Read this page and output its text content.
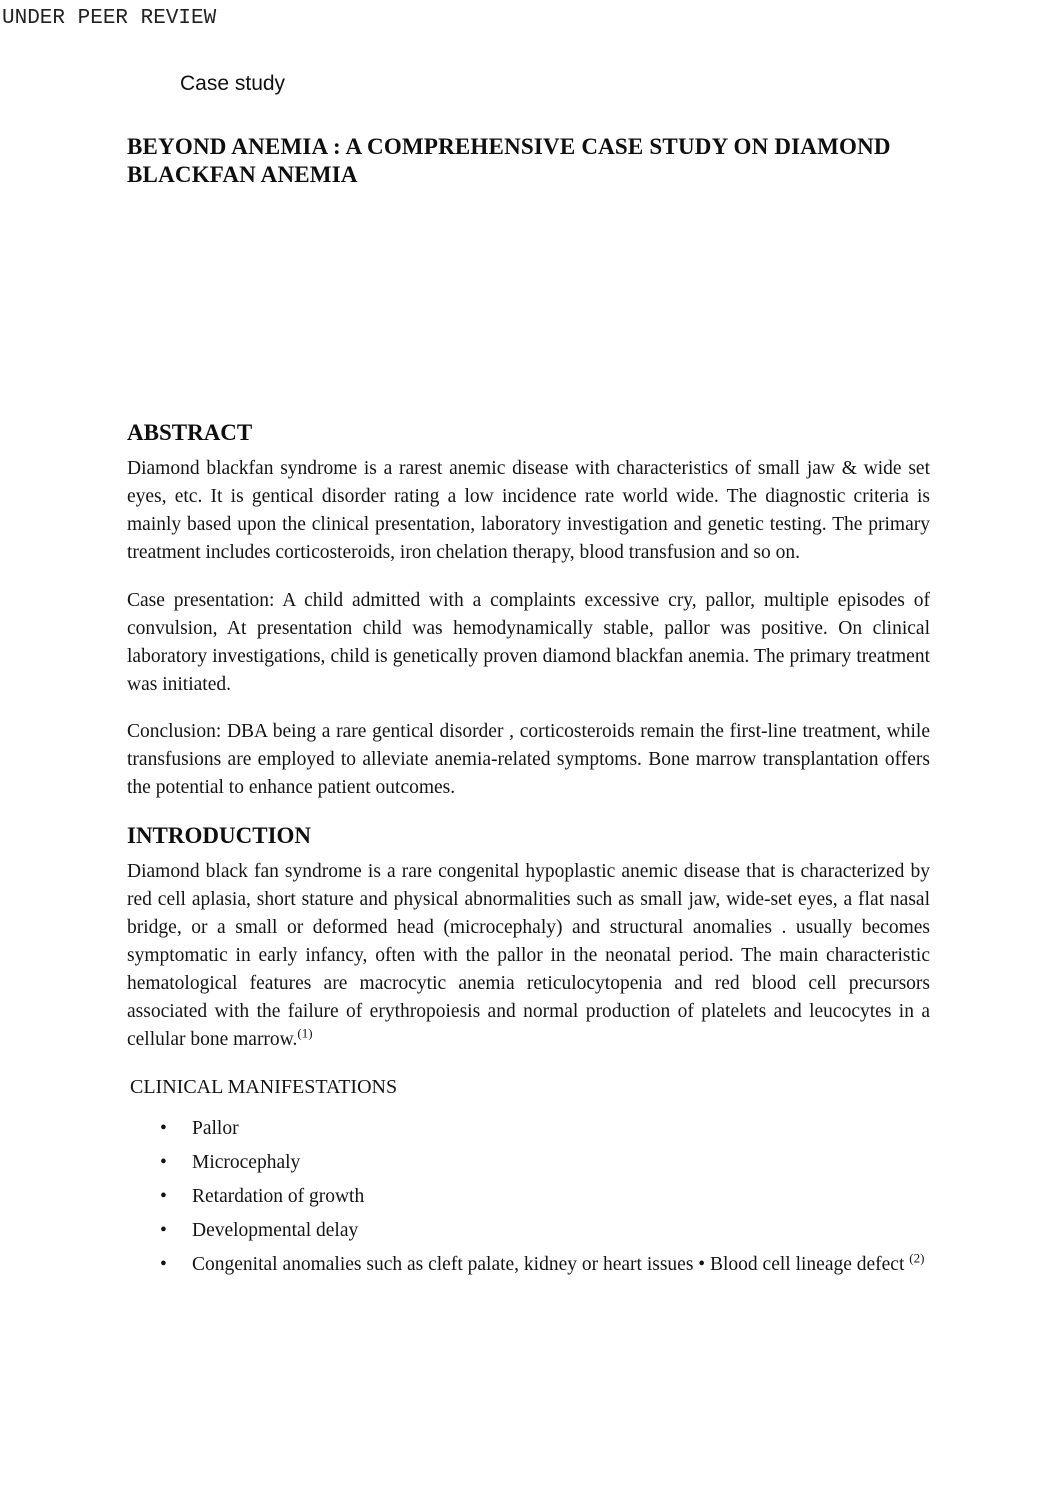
UNDER PEER REVIEW
Case study
BEYOND ANEMIA : A COMPREHENSIVE CASE STUDY ON DIAMOND BLACKFAN ANEMIA
ABSTRACT

Diamond blackfan syndrome is a rarest anemic disease with characteristics of small jaw & wide set eyes, etc. It is gentical disorder rating a low incidence rate world wide. The diagnostic criteria is mainly based upon the clinical presentation, laboratory investigation and genetic testing. The primary treatment includes corticosteroids, iron chelation therapy, blood transfusion and so on.

Case presentation: A child admitted with a complaints excessive cry, pallor, multiple episodes of convulsion, At presentation child was hemodynamically stable, pallor was positive. On clinical laboratory investigations, child is genetically proven diamond blackfan anemia. The primary treatment was initiated.

Conclusion: DBA being a rare gentical disorder , corticosteroids remain the first-line treatment, while transfusions are employed to alleviate anemia-related symptoms. Bone marrow transplantation offers the potential to enhance patient outcomes.

INTRODUCTION

Diamond black fan syndrome is a rare congenital hypoplastic anemic disease that is characterized by red cell aplasia, short stature and physical abnormalities such as small jaw, wide-set eyes, a flat nasal bridge, or a small or deformed head (microcephaly) and structural anomalies . usually becomes symptomatic in early infancy, often with the pallor in the neonatal period. The main characteristic hematological features are macrocytic anemia reticulocytopenia and red blood cell precursors associated with the failure of erythropoiesis and normal production of platelets and leucocytes in a cellular bone marrow.$^{(1)}$

CLINICAL MANIFESTATIONS
• Pallor
• Microcephaly
• Retardation of growth
• Developmental delay
• Congenital anomalies such as cleft palate, kidney or heart issues • Blood cell lineage defect $^{(2)}$
